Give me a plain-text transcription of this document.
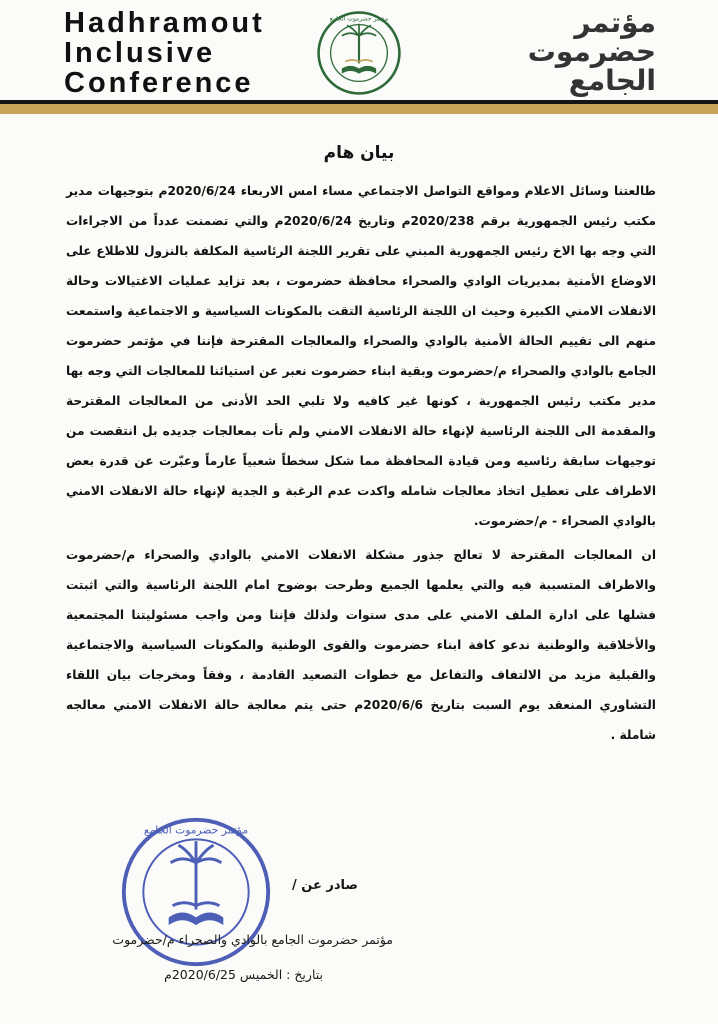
Hadhramout
Inclusive
Conference
مؤتمر حضرموت الجامع	مؤتمر
حضرموت
الجامع
بيان هام

طالعتنا وسائل الاعلام ومواقع التواصل الاجتماعي مساء امس الاربعاء 2020/6/24م بتوجيهات مدير مكتب رئيس الجمهورية برقم 2020/238م وتاريخ 2020/6/24م والتي تضمنت عدداً من الاجراءات التي وجه بها الاخ رئيس الجمهورية المبني على تقرير اللجنة الرئاسية المكلفة بالنزول للاطلاع على الاوضاع الأمنية بمديريات الوادي والصحراء محافظة حضرموت ، بعد تزايد عمليات الاغتيالات وحالة الانفلات الامني الكبيرة وحيث ان اللجنة الرئاسية التقت بالمكونات السياسية و الاجتماعية واستمعت منهم الى تقييم الحالة الأمنية بالوادي والصحراء والمعالجات المقترحة فإننا في مؤتمر حضرموت الجامع بالوادي والصحراء م/حضرموت وبقية ابناء حضرموت نعبر عن استيائنا للمعالجات التي وجه بها مدير مكتب رئيس الجمهورية ، كونها غير كافيه ولا تلبي الحد الأدنى من المعالجات المقترحة والمقدمة الى اللجنة الرئاسية لإنهاء حالة الانفلات الامني ولم تأت بمعالجات جديده بل انتقصت من توجيهات سابقة رئاسيه ومن قيادة المحافظة مما شكل سخطاً شعبياً عارماً وعبّرت عن قدرة بعض الاطراف على تعطيل اتخاذ معالجات شامله واكدت عدم الرغبة و الجدية لإنهاء حالة الانفلات الامني بالوادي الصحراء - م/حضرموت.

ان المعالجات المقترحة لا تعالج جذور مشكلة الانفلات الامني بالوادي والصحراء م/حضرموت والاطراف المتسببة فيه والتي يعلمها الجميع وطرحت بوضوح امام اللجنة الرئاسية والتي اثبتت فشلها على ادارة الملف الامني على مدى سنوات ولذلك فإننا ومن واجب مسئوليتنا المجتمعية والأخلاقية والوطنية ندعو كافة ابناء حضرموت والقوى الوطنية والمكونات السياسية والاجتماعية والقبلية مزيد من الالتفاف والتفاعل مع خطوات التصعيد القادمة ، وفقاً ومخرجات بيان اللقاء التشاوري المنعقد يوم السبت بتاريخ 2020/6/6م حتى يتم معالجة حالة الانفلات الامني معالجه شاملة .

مؤتمر حضرموت الجامع
صادر عن /
مؤتمر حضرموت الجامع بالوادي والصحراء م/حضرموت
بتاريخ : الخميس 2020/6/25م
